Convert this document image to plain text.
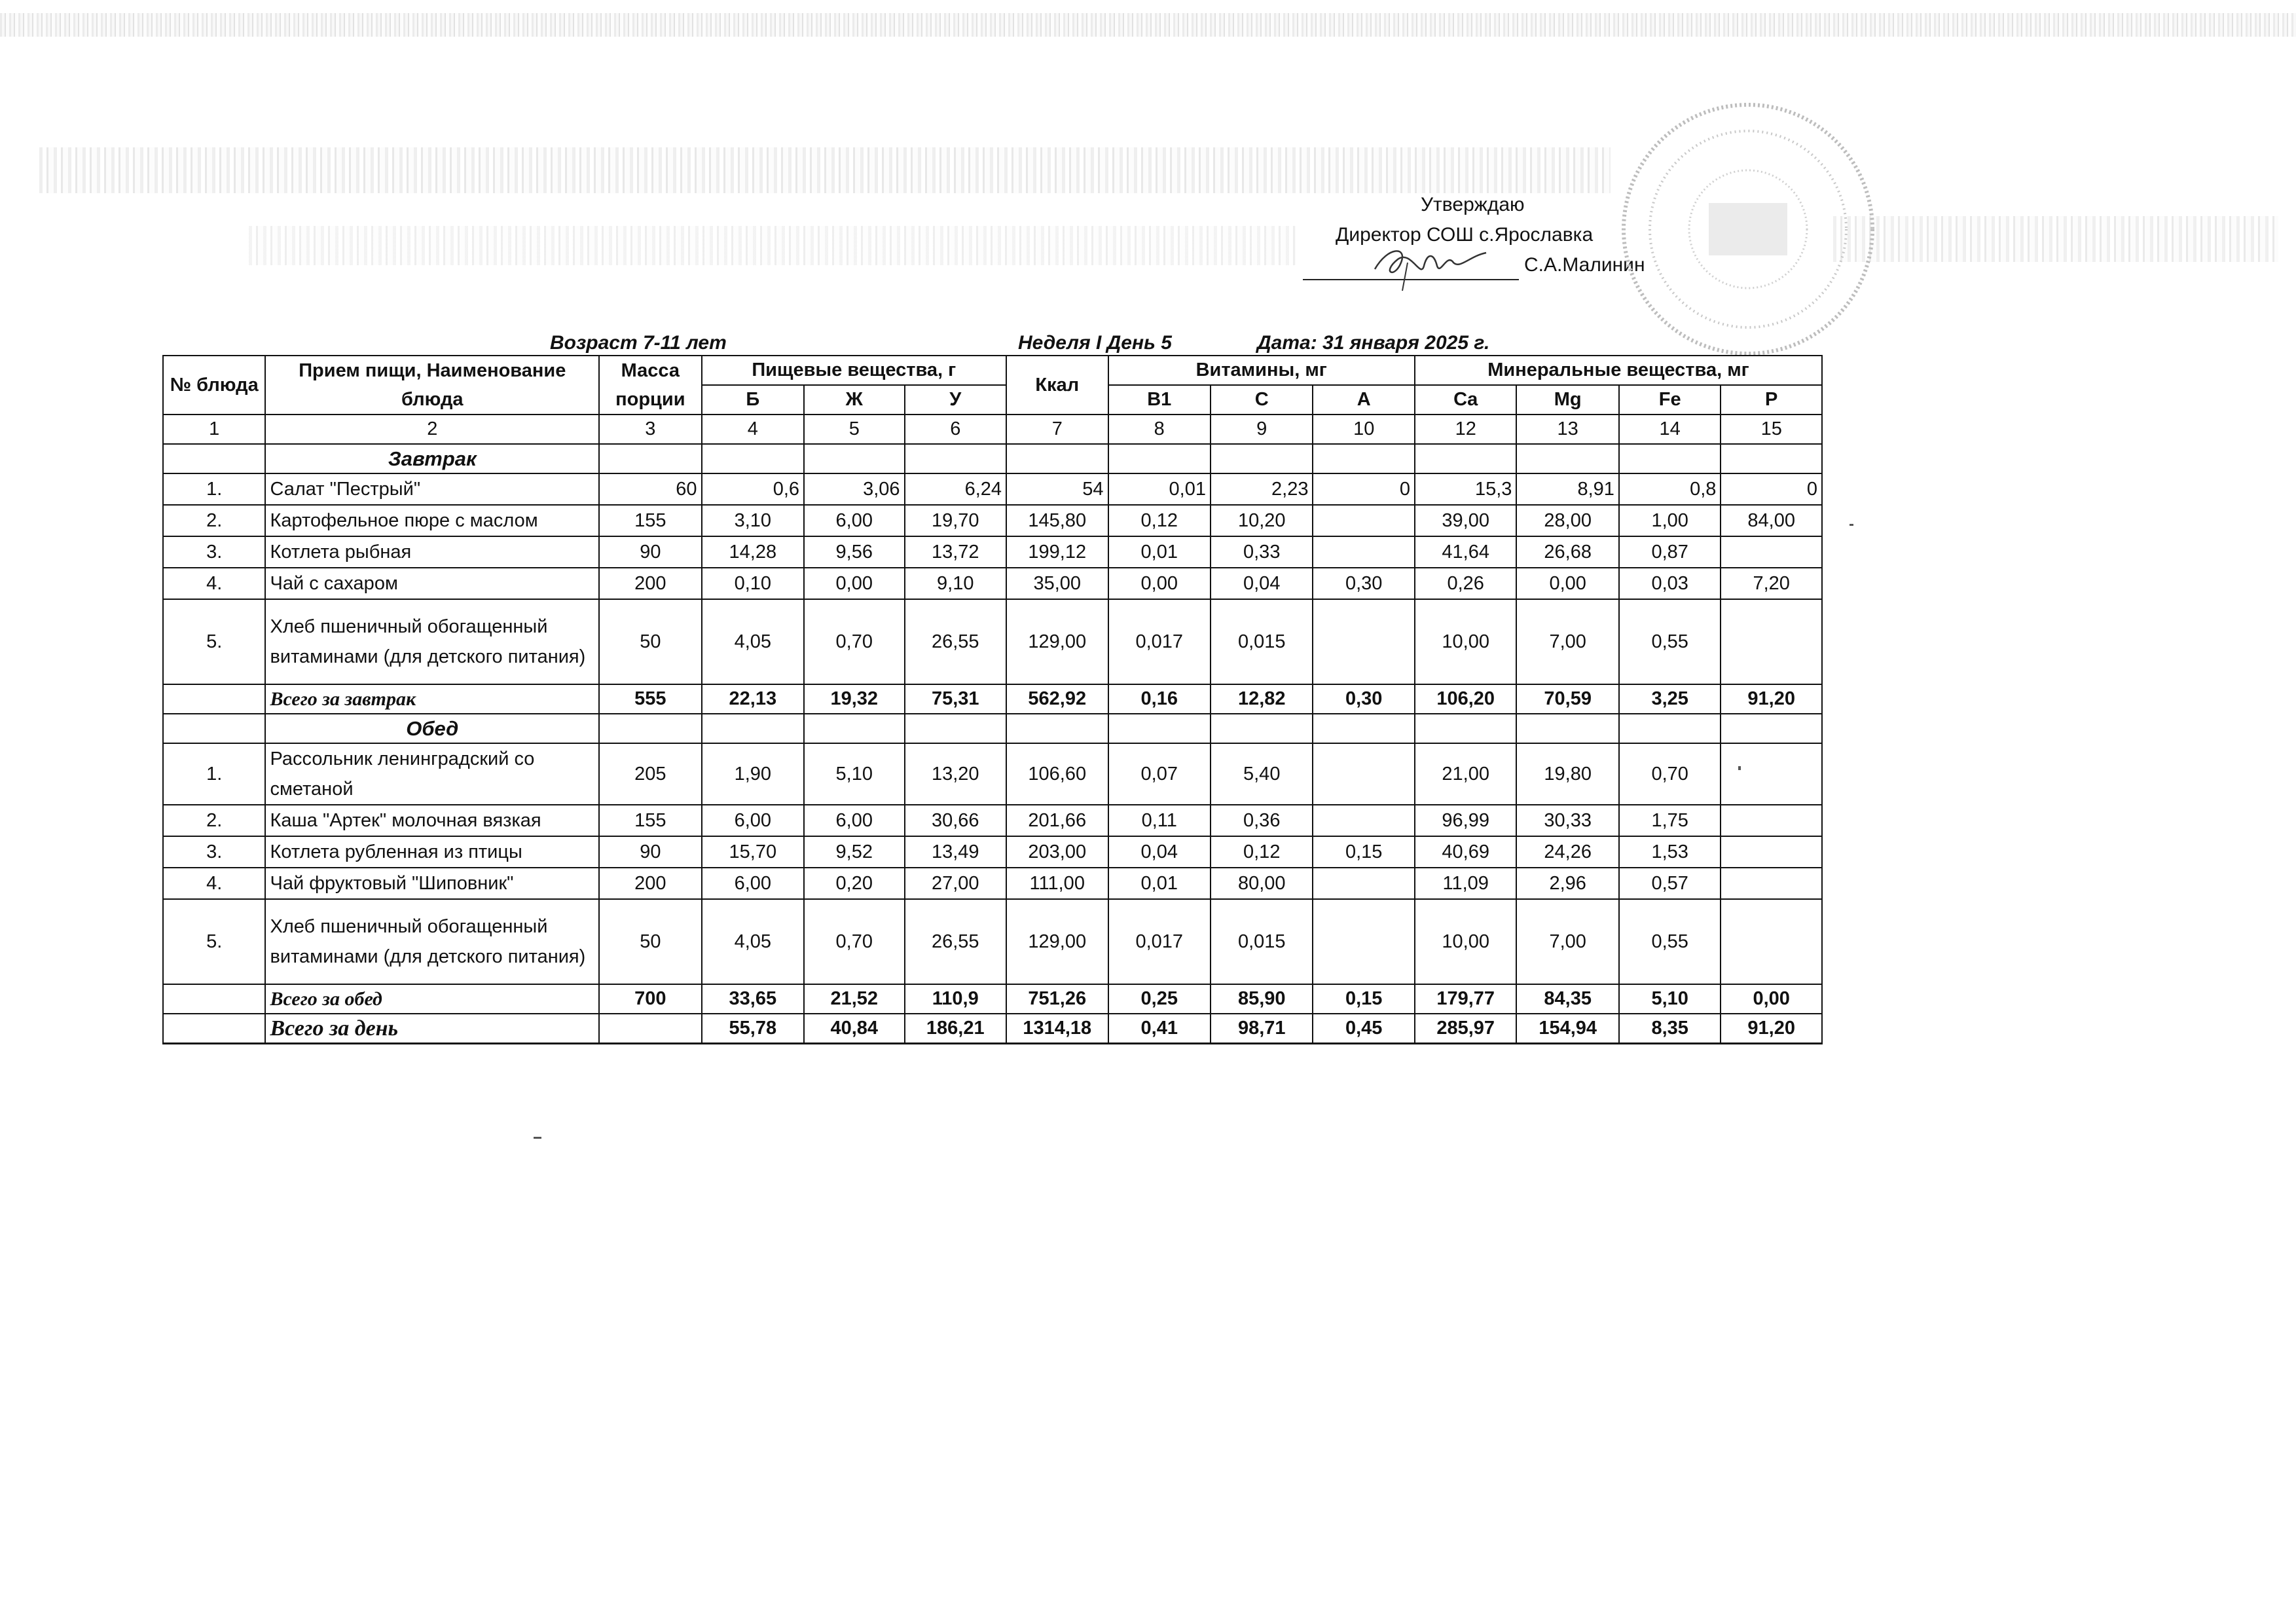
Утверждаю
Директор СОШ с.Ярославка
С.А.Малинин
Возраст 7-11 лет	Неделя I День 5	Дата: 31 января 2025 г.
№ блюда	Прием пищи, Наименование блюда	Масса порции	Пищевые вещества, г			Ккал	Витамины, мг			Минеральные вещества, мг			
			Б	Ж	У		В1	С	А	Ca	Mg	Fe	P
1	2	3	4	5	6	7	8	9	10	12	13	14	15
	Завтрак												
1.	Салат "Пестрый"	60	0,6	3,06	6,24	54	0,01	2,23	0	15,3	8,91	0,8	0
2.	Картофельное пюре с маслом	155	3,10	6,00	19,70	145,80	0,12	10,20		39,00	28,00	1,00	84,00
3.	Котлета рыбная	90	14,28	9,56	13,72	199,12	0,01	0,33		41,64	26,68	0,87	
4.	Чай с сахаром	200	0,10	0,00	9,10	35,00	0,00	0,04	0,30	0,26	0,00	0,03	7,20
5.	Хлеб пшеничный обогащенный витаминами (для детского питания)	50	4,05	0,70	26,55	129,00	0,017	0,015		10,00	7,00	0,55	
	Всего за завтрак	555	22,13	19,32	75,31	562,92	0,16	12,82	0,30	106,20	70,59	3,25	91,20
	Обед												
1.	Рассольник ленинградский со сметаной	205	1,90	5,10	13,20	106,60	0,07	5,40		21,00	19,80	0,70	
2.	Каша "Артек" молочная вязкая	155	6,00	6,00	30,66	201,66	0,11	0,36		96,99	30,33	1,75	
3.	Котлета рубленная из птицы	90	15,70	9,52	13,49	203,00	0,04	0,12	0,15	40,69	24,26	1,53	
4.	Чай фруктовый "Шиповник"	200	6,00	0,20	27,00	111,00	0,01	80,00		11,09	2,96	0,57	
5.	Хлеб пшеничный обогащенный витаминами (для детского питания)	50	4,05	0,70	26,55	129,00	0,017	0,015		10,00	7,00	0,55	
	Всего за обед	700	33,65	21,52	110,9	751,26	0,25	85,90	0,15	179,77	84,35	5,10	0,00
	Всего за день		55,78	40,84	186,21	1314,18	0,41	98,71	0,45	285,97	154,94	8,35	91,20
